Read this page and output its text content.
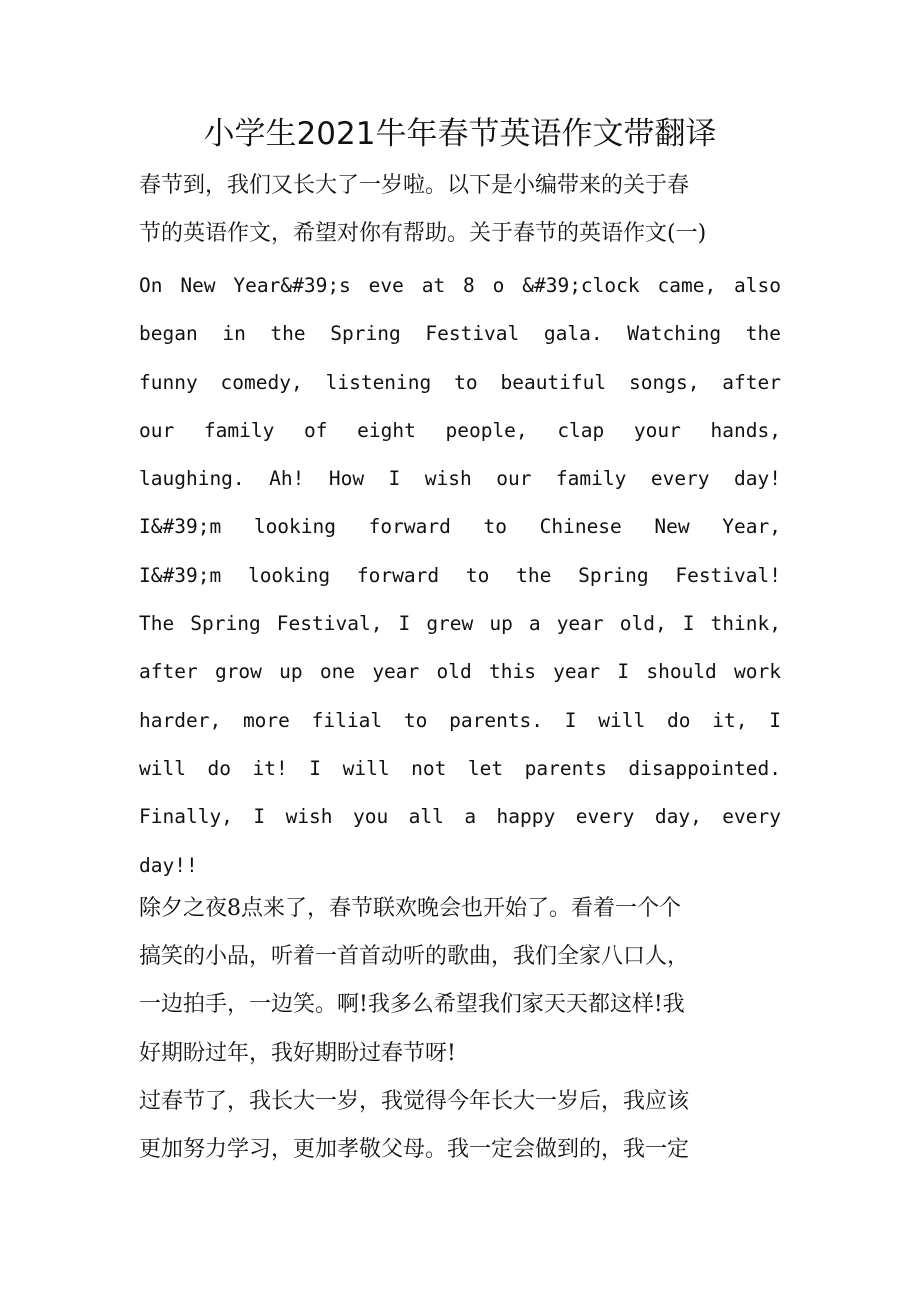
小学生2021牛年春节英语作文带翻译
春节到，我们又长大了一岁啦。以下是小编带来的关于春
节的英语作文，希望对你有帮助。关于春节的英语作文(一)
On New Year&#39;s eve at 8 o &#39;clock came, also
began in the Spring Festival gala. Watching the
funny comedy, listening to beautiful songs, after
our family of eight people, clap your hands,
laughing. Ah! How I wish our family every day!
I&#39;m looking forward to Chinese New Year,
I&#39;m looking forward to the Spring Festival!
The Spring Festival, I grew up a year old, I think,
after grow up one year old this year I should work
harder, more filial to parents. I will do it, I
will do it! I will not let parents disappointed.
Finally, I wish you all a happy every day, every
day!!
除夕之夜8点来了，春节联欢晚会也开始了。看着一个个
搞笑的小品，听着一首首动听的歌曲，我们全家八口人，
一边拍手，一边笑。啊!我多么希望我们家天天都这样!我
好期盼过年，我好期盼过春节呀!
过春节了，我长大一岁，我觉得今年长大一岁后，我应该
更加努力学习，更加孝敬父母。我一定会做到的，我一定
